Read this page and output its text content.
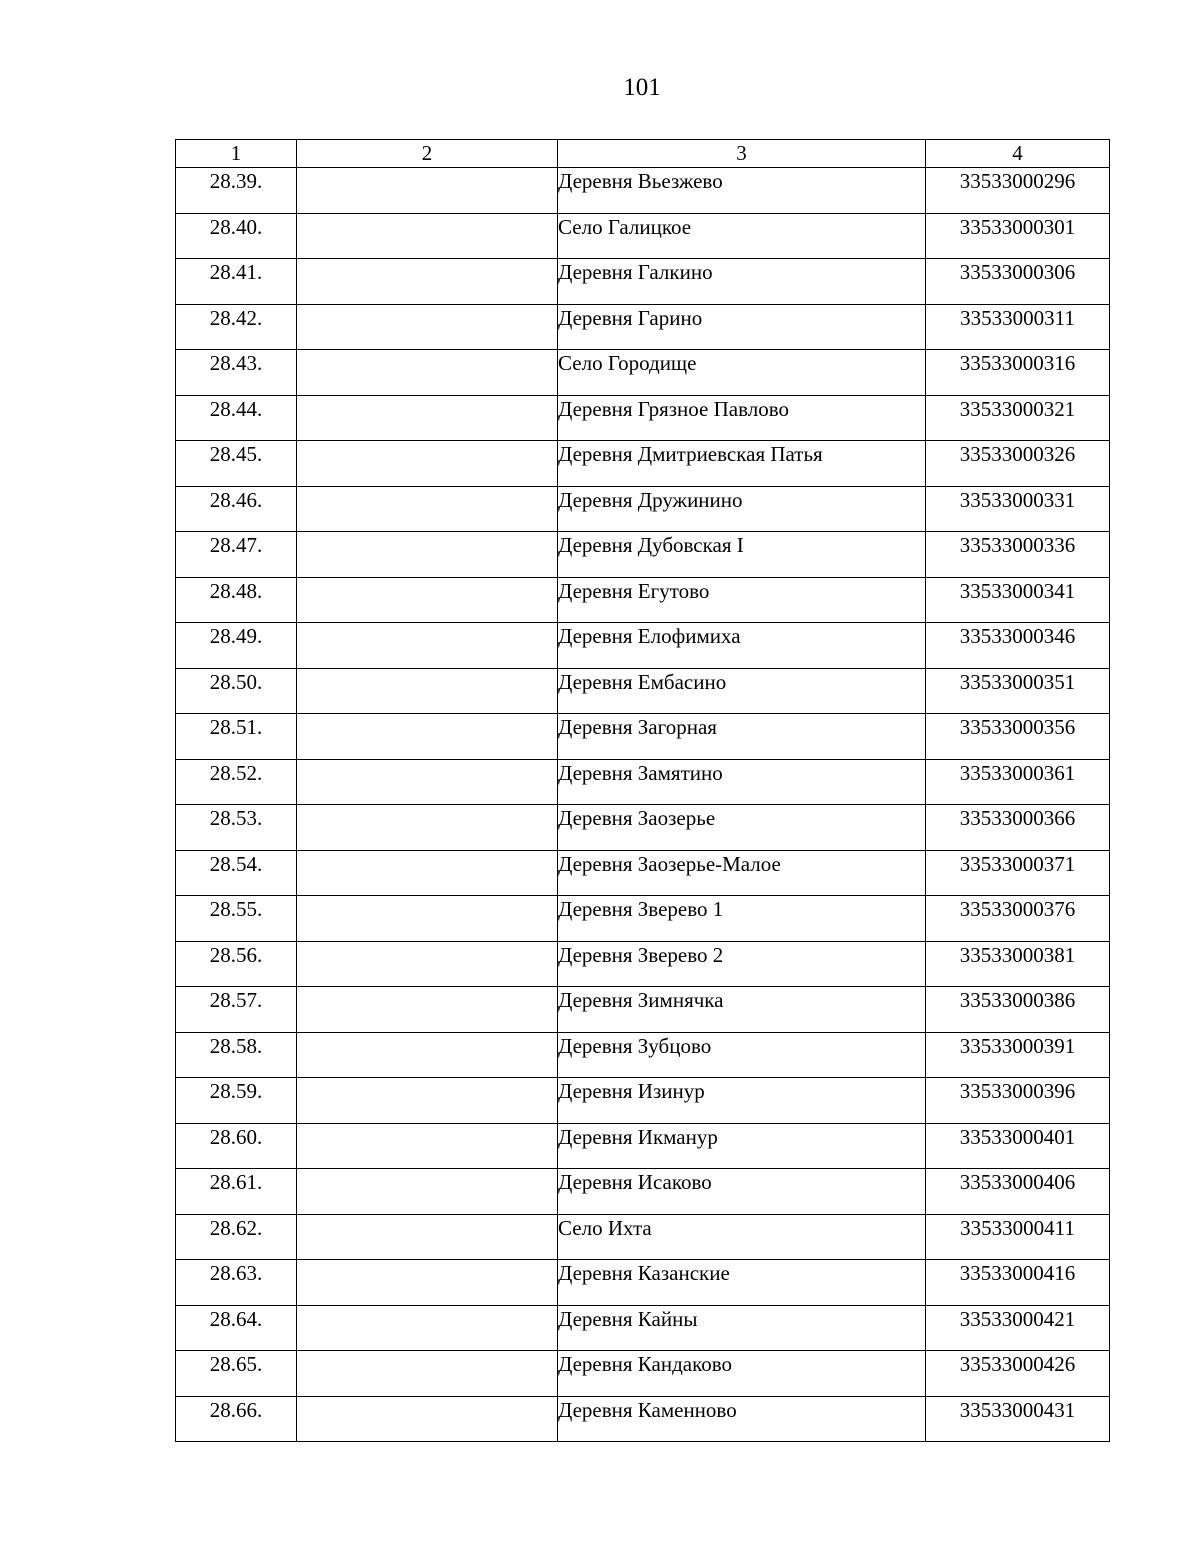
101
1	2	3	4
28.39.		Деревня Вьезжево	33533000296
28.40.		Село Галицкое	33533000301
28.41.		Деревня Галкино	33533000306
28.42.		Деревня Гарино	33533000311
28.43.		Село Городище	33533000316
28.44.		Деревня Грязное Павлово	33533000321
28.45.		Деревня Дмитриевская Патья	33533000326
28.46.		Деревня Дружинино	33533000331
28.47.		Деревня Дубовская I	33533000336
28.48.		Деревня Егутово	33533000341
28.49.		Деревня Елофимиха	33533000346
28.50.		Деревня Ембасино	33533000351
28.51.		Деревня Загорная	33533000356
28.52.		Деревня Замятино	33533000361
28.53.		Деревня Заозерье	33533000366
28.54.		Деревня Заозерье-Малое	33533000371
28.55.		Деревня Зверево 1	33533000376
28.56.		Деревня Зверево 2	33533000381
28.57.		Деревня Зимнячка	33533000386
28.58.		Деревня Зубцово	33533000391
28.59.		Деревня Изинур	33533000396
28.60.		Деревня Икманур	33533000401
28.61.		Деревня Исаково	33533000406
28.62.		Село Ихта	33533000411
28.63.		Деревня Казанские	33533000416
28.64.		Деревня Кайны	33533000421
28.65.		Деревня Кандаково	33533000426
28.66.		Деревня Каменново	33533000431
